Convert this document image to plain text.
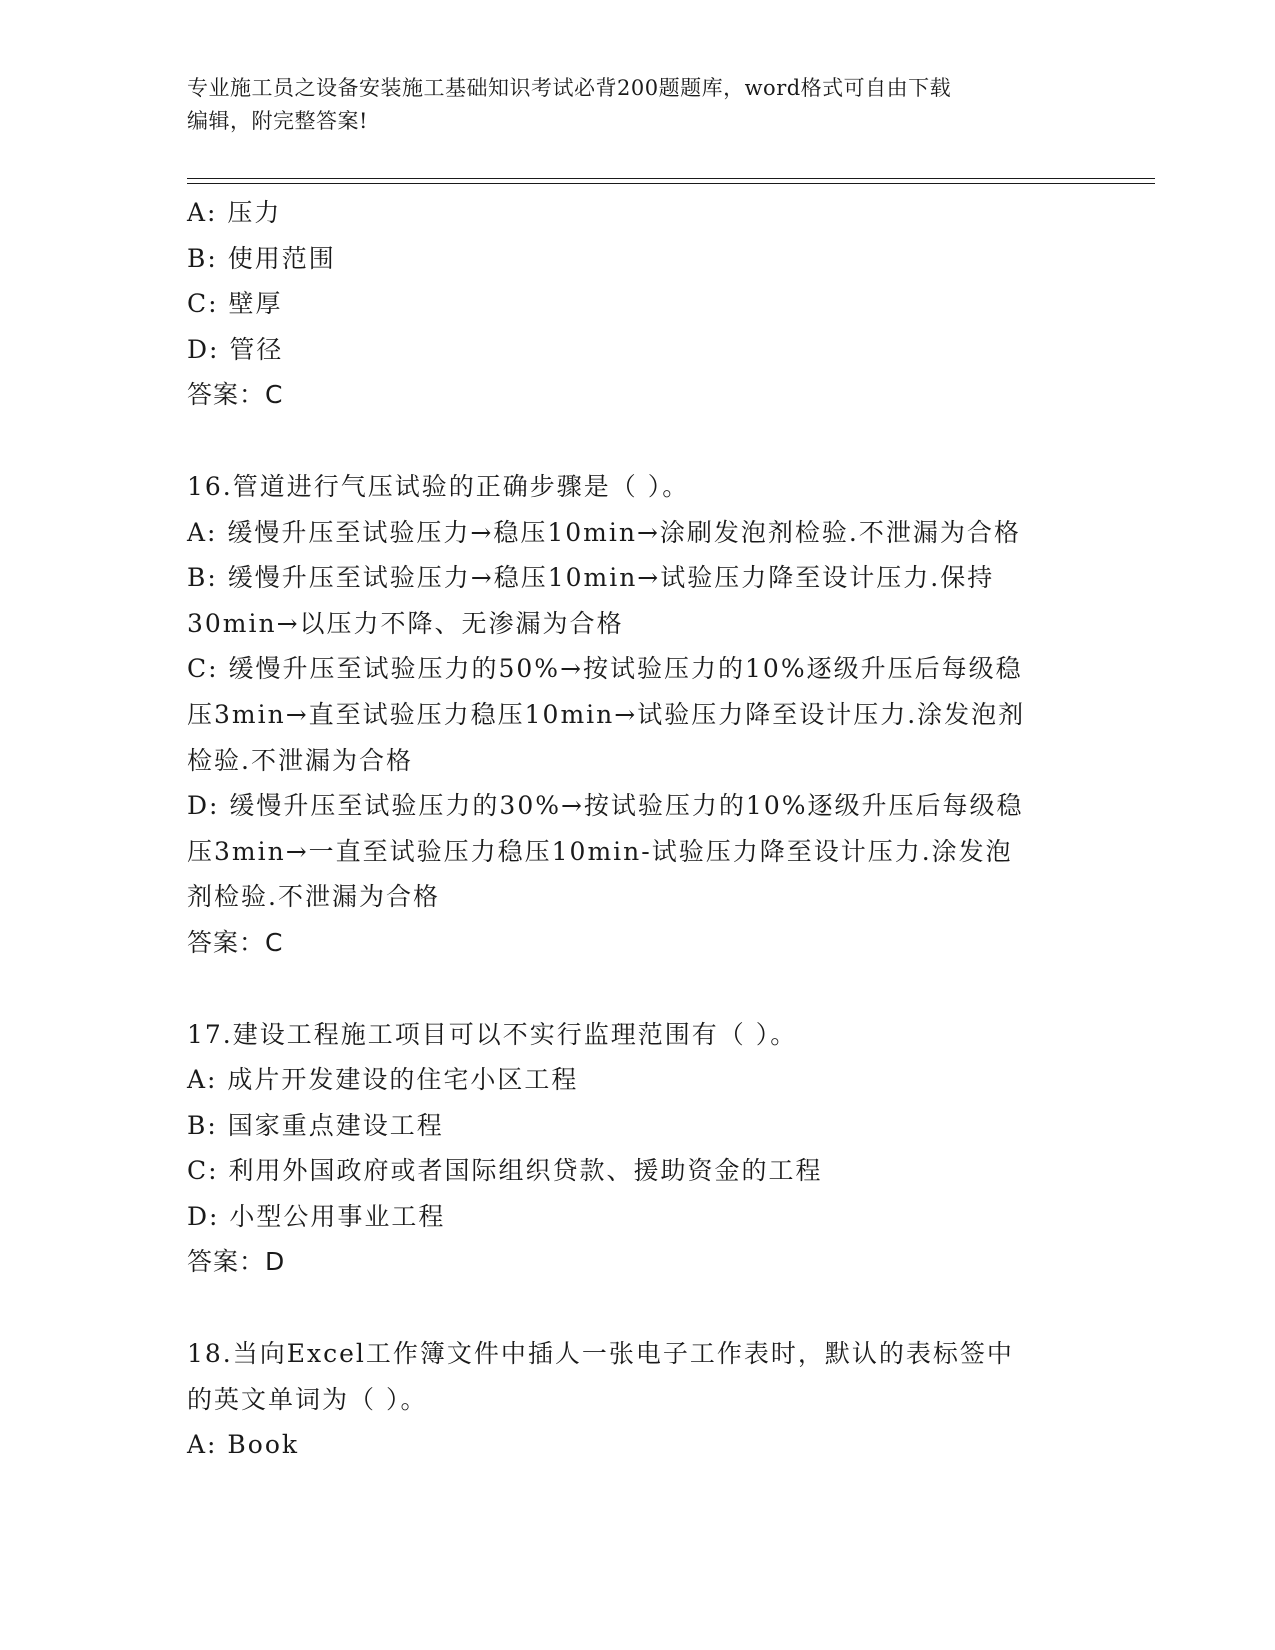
专业施工员之设备安装施工基础知识考试必背200题题库，word格式可自由下载
编辑，附完整答案!
A: 压力
B: 使用范围
C: 壁厚
D: 管径
答案：C
16.管道进行气压试验的正确步骤是（ ）。
A: 缓慢升压至试验压力→稳压10min→涂刷发泡剂检验.不泄漏为合格
B: 缓慢升压至试验压力→稳压10min→试验压力降至设计压力.保持
30min→以压力不降、无渗漏为合格
C: 缓慢升压至试验压力的50%→按试验压力的10%逐级升压后每级稳
压3min→直至试验压力稳压10min→试验压力降至设计压力.涂发泡剂
检验.不泄漏为合格
D: 缓慢升压至试验压力的30%→按试验压力的10%逐级升压后每级稳
压3min→一直至试验压力稳压10min-试验压力降至设计压力.涂发泡
剂检验.不泄漏为合格
答案：C
17.建设工程施工项目可以不实行监理范围有（ ）。
A: 成片开发建设的住宅小区工程
B: 国家重点建设工程
C: 利用外国政府或者国际组织贷款、援助资金的工程
D: 小型公用事业工程
答案：D
18.当向Excel工作簿文件中插人一张电子工作表时，默认的表标签中
的英文单词为（ ）。
A: Book
